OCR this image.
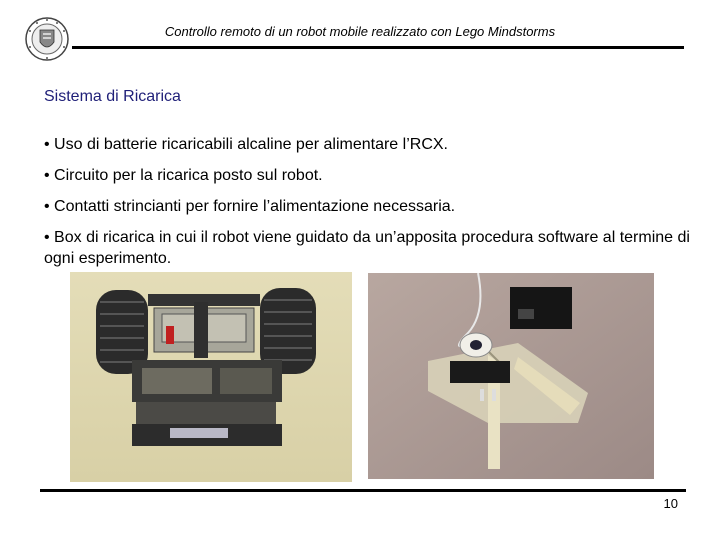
Controllo remoto di un robot mobile realizzato con Lego Mindstorms
Sistema di Ricarica
• Uso di batterie ricaricabili alcaline per alimentare l’RCX.
• Circuito per la ricarica posto sul robot.
• Contatti strincianti per fornire l’alimentazione necessaria.
• Box di ricarica in cui il robot viene guidato da un’apposita procedura software al termine di ogni esperimento.
10
